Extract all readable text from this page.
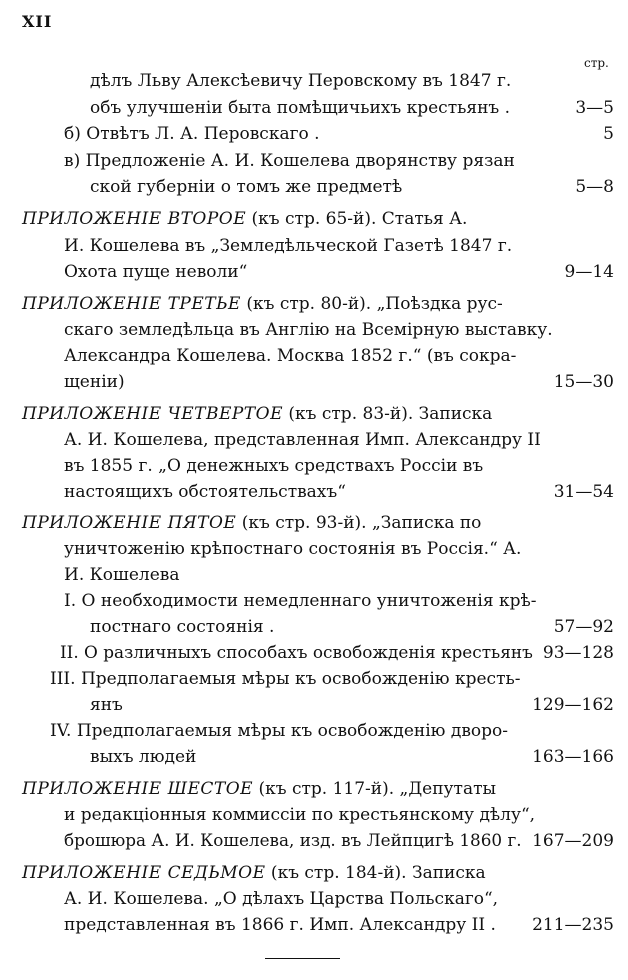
XII
стр.
дѣлъ Льву Алексѣевичу Перовскому въ 1847 г.
объ улучшеніи быта помѣщичьихъ крестьянъ .	3—5
б) Отвѣтъ Л. А. Перовскаго .	5
в) Предложеніе А. И. Кошелева дворянству рязан
ской губерніи о томъ же предметѣ	5—8
ПРИЛОЖЕНІЕ ВТОРОЕ (къ стр. 65-й). Статья А.
И. Кошелева въ „Земледѣльческой Газетѣ 1847 г.
Охота пуще неволи“	9—14
ПРИЛОЖЕНІЕ ТРЕТЬЕ (къ стр. 80-й). „Поѣздка рус-
скаго земледѣльца въ Англію на Всемірную выставку.
Александра Кошелева. Москва 1852 г.“ (въ сокра-
щеніи)	15—30
ПРИЛОЖЕНІЕ ЧЕТВЕРТОЕ (къ стр. 83-й). Записка
А. И. Кошелева, представленная Имп. Александру II
въ 1855 г. „О денежныхъ средствахъ Россіи въ
настоящихъ обстоятельствахъ“	31—54
ПРИЛОЖЕНІЕ ПЯТОЕ (къ стр. 93-й). „Записка по
уничтоженію крѣпостнаго состоянія въ Россія.“ А.
И. Кошелева
I. О необходимости немедленнаго уничтоженія крѣ-
постнаго состоянія .	57—92
II. О различныхъ способахъ освобожденія крестьянъ 93—128
III. Предполагаемыя мѣры къ освобожденію кресть-
янъ	129—162
IV. Предполагаемыя мѣры къ освобожденію дворо-
выхъ людей	163—166
ПРИЛОЖЕНІЕ ШЕСТОЕ (къ стр. 117-й). „Депутаты
и редакціонныя коммиссіи по крестьянскому дѣлу“,
брошюра А. И. Кошелева, изд. въ Лейпцигѣ 1860 г. 167—209
ПРИЛОЖЕНІЕ СЕДЬМОЕ (къ стр. 184-й). Записка
А. И. Кошелева. „О дѣлахъ Царства Польскаго“,
представленная въ 1866 г. Имп. Александру II . 211—235
